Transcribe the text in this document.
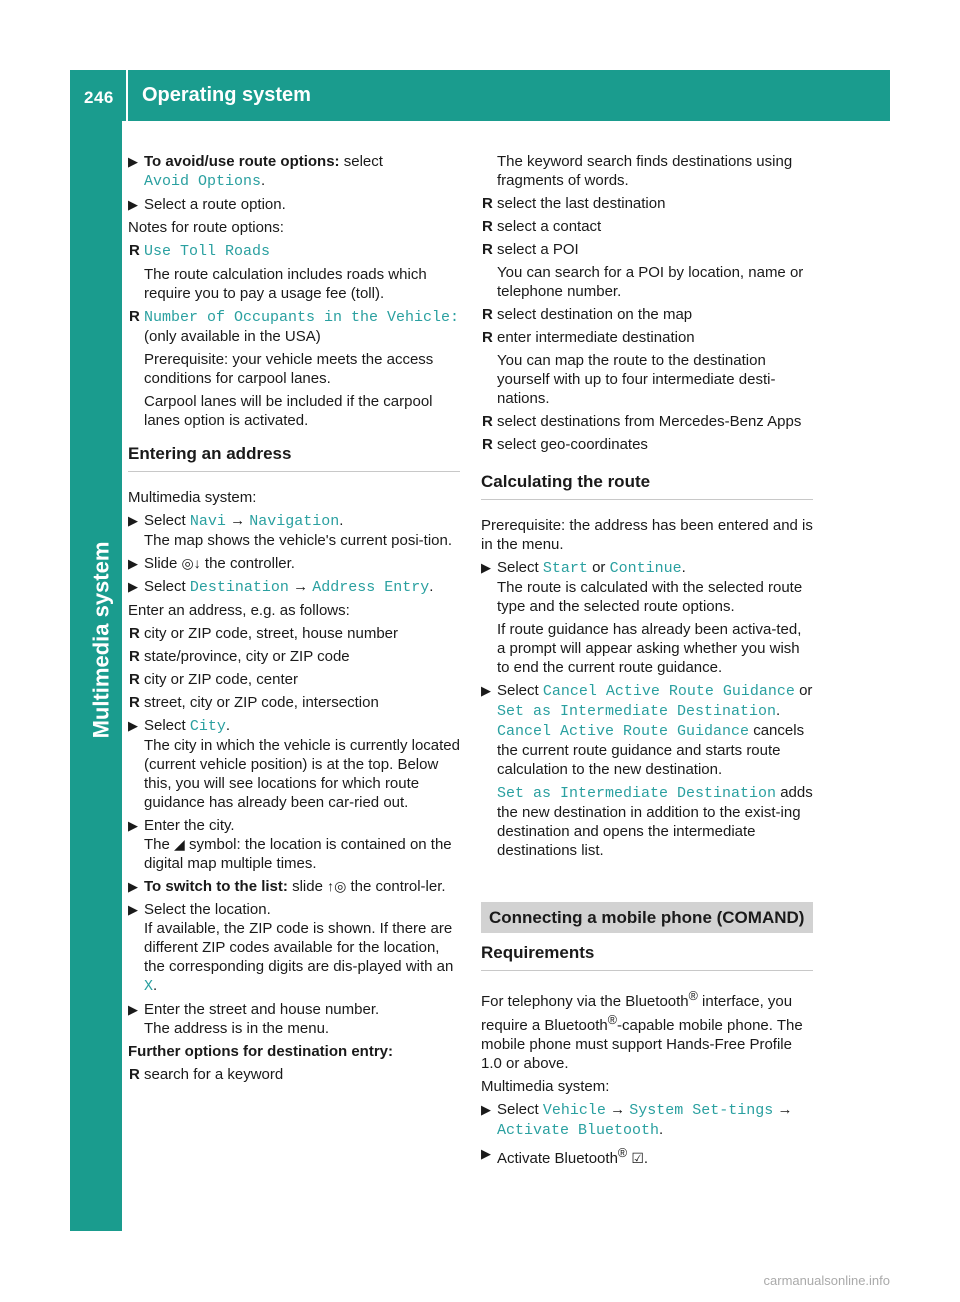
246 Operating system
Multimedia system
▶ To avoid/use route options: select
Avoid Options.
▶ Select a route option.

Notes for route options:

R Use Toll Roads

The route calculation includes roads which require you to pay a usage fee (toll).

R Number of Occupants in the Vehicle:

(only available in the USA)

Prerequisite: your vehicle meets the access conditions for carpool lanes.

Carpool lanes will be included if the carpool lanes option is activated.

Entering an address

Multimedia system:

▶ Select Navi → Navigation.
The map shows the vehicle's current posi-tion.
▶ Slide ◎↓ the controller.
▶ Select Destination → Address Entry.

Enter an address, e.g. as follows:

R city or ZIP code, street, house number
R state/province, city or ZIP code
R city or ZIP code, center
R street, city or ZIP code, intersection
▶ Select City.
The city in which the vehicle is currently located (current vehicle position) is at the top. Below this, you will see locations for which route guidance has already been car-ried out.
▶ Enter the city.
The ◢ symbol: the location is contained on the digital map multiple times.
▶ To switch to the list: slide ↑◎ the control-ler.
▶ Select the location.
If available, the ZIP code is shown. If there are different ZIP codes available for the location, the corresponding digits are dis-played with an X.
▶ Enter the street and house number.
The address is in the menu.

Further options for destination entry:

R search for a keyword

The keyword search finds destinations using fragments of words.

R select the last destination
R select a contact
R select a POI

You can search for a POI by location, name or telephone number.

R select destination on the map
R enter intermediate destination

You can map the route to the destination yourself with up to four intermediate desti-nations.

R select destinations from Mercedes-Benz Apps
R select geo-coordinates
Calculating the route

Prerequisite: the address has been entered and is in the menu.

▶ Select Start or Continue.

The route is calculated with the selected route type and the selected route options.

If route guidance has already been activa-ted, a prompt will appear asking whether you wish to end the current route guidance.

▶ Select Cancel Active Route Guidance or Set as Intermediate Destination.
Cancel Active Route Guidance cancels the current route guidance and starts route calculation to the new destination.

Set as Intermediate Destination adds the new destination in addition to the exist-ing destination and opens the intermediate destinations list.

Connecting a mobile phone (COMAND)
Requirements

For telephony via the Bluetooth® interface, you require a Bluetooth®-capable mobile phone. The mobile phone must support Hands-Free Profile 1.0 or above.

Multimedia system:

▶ Select Vehicle → System Set-tings → Activate Bluetooth.
▶ Activate Bluetooth® ☑.
carmanualsonline.info
